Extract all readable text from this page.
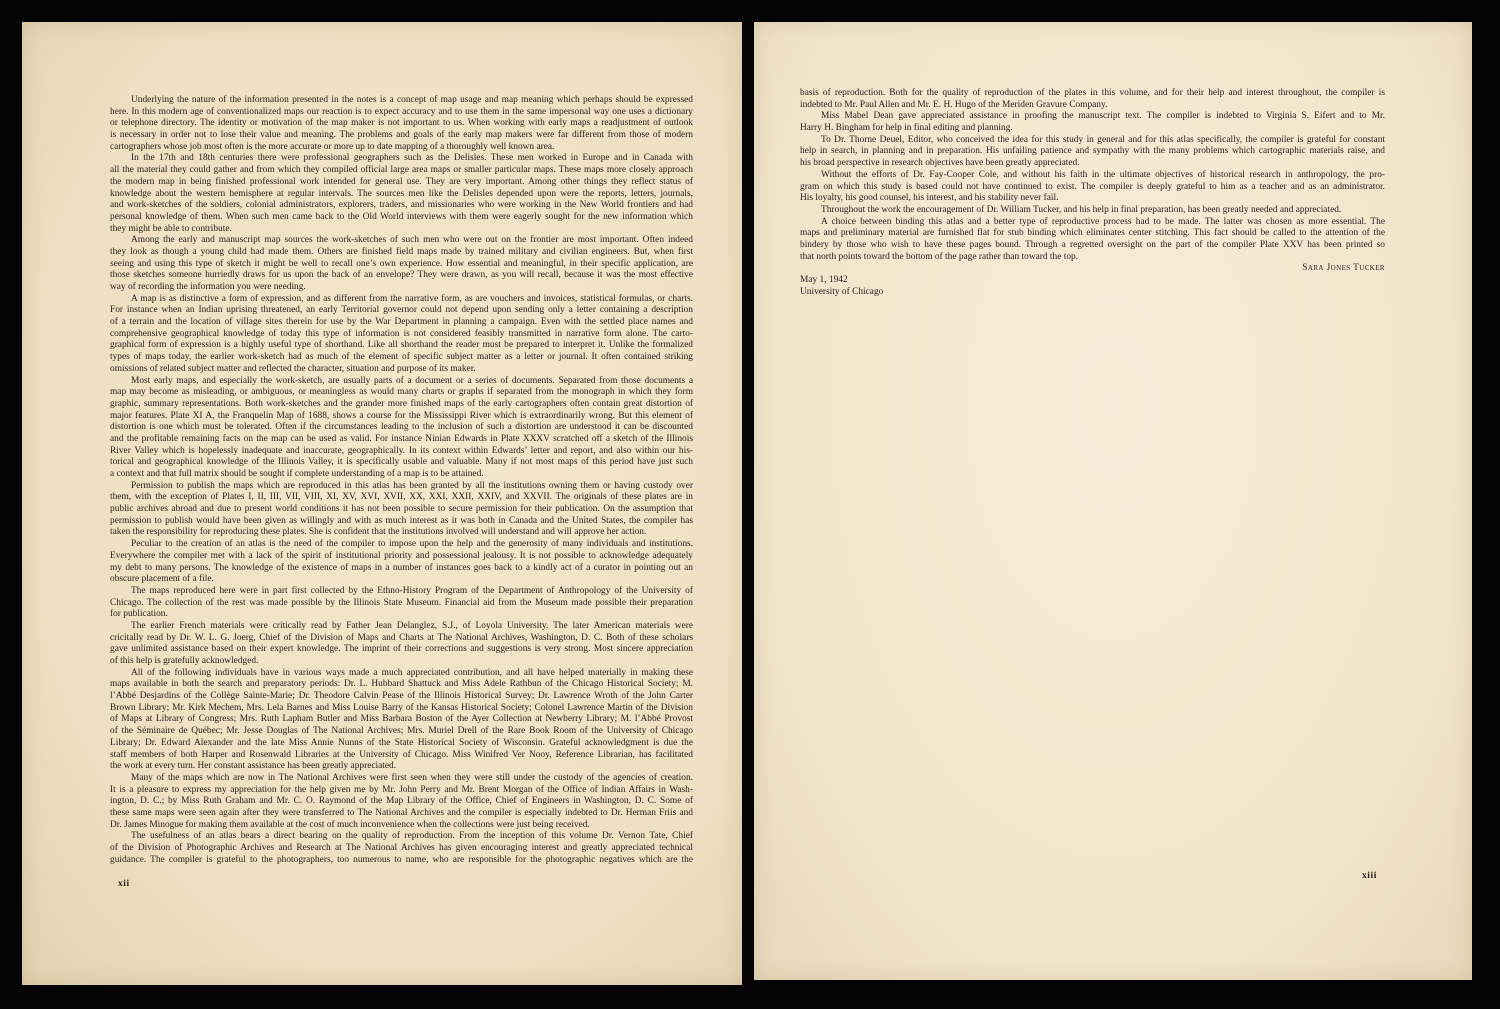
Underlying the nature of the information presented in the notes is a concept of map usage and map meaning which perhaps should be expressed
here. In this modern age of conventionalized maps our reaction is to expect accuracy and to use them in the same impersonal way one uses a dictionary
or telephone directory. The identity or motivation of the map maker is not important to us. When working with early maps a readjustment of outlook
is necessary in order not to lose their value and meaning. The problems and goals of the early map makers were far different from those of modern
cartographers whose job most often is the more accurate or more up to date mapping of a thoroughly well known area.
In the 17th and 18th centuries there were professional geographers such as the Delisles. These men worked in Europe and in Canada with
all the material they could gather and from which they compiled official large area maps or smaller particular maps. These maps more closely approach
the modern map in being finished professional work intended for general use. They are very important. Among other things they reflect status of
knowledge about the western hemisphere at regular intervals. The sources men like the Delisles depended upon were the reports, letters, journals,
and work-sketches of the soldiers, colonial administrators, explorers, traders, and missionaries who were working in the New World frontiers and had
personal knowledge of them. When such men came back to the Old World interviews with them were eagerly sought for the new information which
they might be able to contribute.
Among the early and manuscript map sources the work-sketches of such men who were out on the frontier are most important. Often indeed
they look as though a young child had made them. Others are finished field maps made by trained military and civilian engineers. But, when first
seeing and using this type of sketch it might be well to recall one’s own experience. How essential and meaningful, in their specific application, are
those sketches someone hurriedly draws for us upon the back of an envelope? They were drawn, as you will recall, because it was the most effective
way of recording the information you were needing.
A map is as distinctive a form of expression, and as different from the narrative form, as are vouchers and invoices, statistical formulas, or charts.
For instance when an Indian uprising threatened, an early Territorial governor could not depend upon sending only a letter containing a description
of a terrain and the location of village sites therein for use by the War Department in planning a campaign. Even with the settled place names and
comprehensive geographical knowledge of today this type of information is not considered feasibly transmitted in narrative form alone. The carto-
graphical form of expression is a highly useful type of shorthand. Like all shorthand the reader must be prepared to interpret it. Unlike the formalized
types of maps today, the earlier work-sketch had as much of the element of specific subject matter as a letter or journal. It often contained striking
omissions of related subject matter and reflected the character, situation and purpose of its maker.
Most early maps, and especially the work-sketch, are usually parts of a document or a series of documents. Separated from those documents a
map may become as misleading, or ambiguous, or meaningless as would many charts or graphs if separated from the monograph in which they form
graphic, summary representations. Both work-sketches and the grander more finished maps of the early cartographers often contain great distortion of
major features. Plate XI A, the Franquelin Map of 1688, shows a course for the Mississippi River which is extraordinarily wrong. But this element of
distortion is one which must be tolerated. Often if the circumstances leading to the inclusion of such a distortion are understood it can be discounted
and the profitable remaining facts on the map can be used as valid. For instance Ninian Edwards in Plate XXXV scratched off a sketch of the Illinois
River Valley which is hopelessly inadequate and inaccurate, geographically. In its context within Edwards’ letter and report, and also within our his-
torical and geographical knowledge of the Illinois Valley, it is specifically usable and valuable. Many if not most maps of this period have just such
a context and that full matrix should be sought if complete understanding of a map is to be attained.
Permission to publish the maps which are reproduced in this atlas has been granted by all the institutions owning them or having custody over
them, with the exception of Plates I, II, III, VII, VIII, XI, XV, XVI, XVII, XX, XXI, XXII, XXIV, and XXVII. The originals of these plates are in
public archives abroad and due to present world conditions it has not been possible to secure permission for their publication. On the assumption that
permission to publish would have been given as willingly and with as much interest as it was both in Canada and the United States, the compiler has
taken the responsibility for reproducing these plates. She is confident that the institutions involved will understand and will approve her action.
Peculiar to the creation of an atlas is the need of the compiler to impose upon the help and the generosity of many individuals and institutions.
Everywhere the compiler met with a lack of the spirit of institutional priority and possessional jealousy. It is not possible to acknowledge adequately
my debt to many persons. The knowledge of the existence of maps in a number of instances goes back to a kindly act of a curator in pointing out an
obscure placement of a file.
The maps reproduced here were in part first collected by the Ethno-History Program of the Department of Anthropology of the University of
Chicago. The collection of the rest was made possible by the Illinois State Museum. Financial aid from the Museum made possible their preparation
for publication.
The earlier French materials were critically read by Father Jean Delanglez, S.J., of Loyola University. The later American materials were
cricitally read by Dr. W. L. G. Joerg, Chief of the Division of Maps and Charts at The National Archives, Washington, D. C. Both of these scholars
gave unlimited assistance based on their expert knowledge. The imprint of their corrections and suggestions is very strong. Most sincere appreciation
of this help is gratefully acknowledged.
All of the following individuals have in various ways made a much appreciated contribution, and all have helped materially in making these
maps available in both the search and preparatory periods: Dr. L. Hubbard Shattuck and Miss Adele Rathbun of the Chicago Historical Society; M.
l’Abbé Desjardins of the Collège Sainte-Marie; Dr. Theodore Calvin Pease of the Illinois Historical Survey; Dr. Lawrence Wroth of the John Carter
Brown Library; Mr. Kirk Mechem, Mrs. Lela Barnes and Miss Louise Barry of the Kansas Historical Society; Colonel Lawrence Martin of the Division
of Maps at Library of Congress; Mrs. Ruth Lapham Butler and Miss Barbara Boston of the Ayer Collection at Newberry Library; M. l’Abbé Provost
of the Séminaire de Québec; Mr. Jesse Douglas of The National Archives; Mrs. Muriel Drell of the Rare Book Room of the University of Chicago
Library; Dr. Edward Alexander and the late Miss Annie Nunns of the State Historical Society of Wisconsin. Grateful acknowledgment is due the
staff members of both Harper and Rosenwald Libraries at the University of Chicago. Miss Winifred Ver Nooy, Reference Librarian, has facilitated
the work at every turn. Her constant assistance has been greatly appreciated.
Many of the maps which are now in The National Archives were first seen when they were still under the custody of the agencies of creation.
It is a pleasure to express my appreciation for the help given me by Mr. John Perry and Mr. Brent Morgan of the Office of Indian Affairs in Wash-
ington, D. C.; by Miss Ruth Graham and Mr. C. O. Raymond of the Map Library of the Office, Chief of Engineers in Washington, D. C. Some of
these same maps were seen again after they were transferred to The National Archives and the compiler is especially indebted to Dr. Herman Friis and
Dr. James Minogue for making them available at the cost of much inconvenience when the collections were just being received.
The usefulness of an atlas bears a direct bearing on the quality of reproduction. From the inception of this volume Dr. Vernon Tate, Chief
of the Division of Photographic Archives and Research at The National Archives has given encouraging interest and greatly appreciated technical
guidance. The compiler is grateful to the photographers, too numerous to name, who are responsible for the photographic negatives which are the
xii
basis of reproduction. Both for the quality of reproduction of the plates in this volume, and for their help and interest throughout, the compiler is
indebted to Mr. Paul Allen and Mr. E. H. Hugo of the Meriden Gravure Company.
Miss Mabel Dean gave appreciated assistance in proofing the manuscript text. The compiler is indebted to Virginia S. Eifert and to Mr.
Harry H. Bingham for help in final editing and planning.
To Dr. Thorne Deuel, Editor, who conceived the idea for this study in general and for this atlas specifically, the compiler is grateful for constant
help in search, in planning and in preparation. His unfailing patience and sympathy with the many problems which cartographic materials raise, and
his broad perspective in research objectives have been greatly appreciated.
Without the efforts of Dr. Fay-Cooper Cole, and without his faith in the ultimate objectives of historical research in anthropology, the pro-
gram on which this study is based could not have continued to exist. The compiler is deeply grateful to him as a teacher and as an administrator.
His loyalty, his good counsel, his interest, and his stability never fail.
Throughout the work the encouragement of Dr. William Tucker, and his help in final preparation, has been greatly needed and appreciated.
A choice between binding this atlas and a better type of reproductive process had to be made. The latter was chosen as more essential. The
maps and preliminary material are furnished flat for stub binding which eliminates center stitching. This fact should be called to the attention of the
bindery by those who wish to have these pages bound. Through a regretted oversight on the part of the compiler Plate XXV has been printed so
that north points toward the bottom of the page rather than toward the top.
Sara Jones Tucker
May 1, 1942
University of Chicago
xiii
